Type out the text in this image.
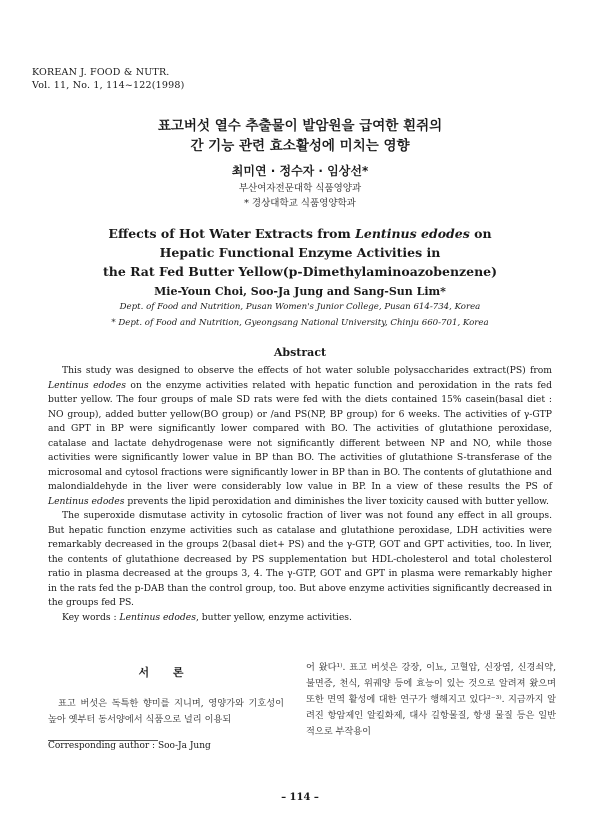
KOREAN J. FOOD & NUTR.
Vol. 11, No. 1, 114~122(1998)
표고버섯 열수 추출물이 발암원을 급여한 흰쥐의
간 기능 관련 효소활성에 미치는 영향
최미연 · 정수자 · 임상선*
부산여자전문대학 식품영양과
* 경상대학교 식품영양학과
Effects of Hot Water Extracts from Lentinus edodes on
Hepatic Functional Enzyme Activities in
the Rat Fed Butter Yellow(p-Dimethylaminoazobenzene)
Mie-Youn Choi, Soo-Ja Jung and Sang-Sun Lim*
Dept. of Food and Nutrition, Pusan Women's Junior College, Pusan 614-734, Korea
* Dept. of Food and Nutrition, Gyeongsang National University, Chinju 660-701, Korea
Abstract

This study was designed to observe the effects of hot water soluble polysaccharides extract(PS) from Lentinus edodes on the enzyme activities related with hepatic function and peroxidation in the rats fed butter yellow. The four groups of male SD rats were fed with the diets contained 15% casein(basal diet : NO group), added butter yellow(BO group) or /and PS(NP, BP group) for 6 weeks. The activities of γ-GTP and GPT in BP were significantly lower compared with BO. The activities of glutathione peroxidase, catalase and lactate dehydrogenase were not significantly different between NP and NO, while those activities were significantly lower value in BP than BO. The activities of glutathione S-transferase of the microsomal and cytosol fractions were significantly lower in BP than in BO. The contents of glutathione and malondialdehyde in the liver were considerably low value in BP. In a view of these results the PS of Lentinus edodes prevents the lipid peroxidation and diminishes the liver toxicity caused with butter yellow.

The superoxide dismutase activity in cytosolic fraction of liver was not found any effect in all groups. But hepatic function enzyme activities such as catalase and glutathione peroxidase, LDH activities were remarkably decreased in the groups 2(basal diet+ PS) and the γ-GTP, GOT and GPT activities, too. In liver, the contents of glutathione decreased by PS supplementation but HDL-cholesterol and total cholesterol ratio in plasma decreased at the groups 3, 4. The γ-GTP, GOT and GPT in plasma were remarkably higher in the rats fed the p-DAB than the control group, too. But above enzyme activities significantly decreased in the groups fed PS.

Key words : Lentinus edodes, butter yellow, enzyme activities.

서 론
표고 버섯은 독특한 향미를 지니며, 영양가와 기호성이 높아 옛부터 동서양에서 식품으로 널리 이용되
Corresponding author : Soo-Ja Jung
어 왔다¹⁾. 표고 버섯은 강장, 이뇨, 고혈압, 신장염, 신경쇠약, 불면증, 천식, 위궤양 등에 효능이 있는 것으로 알려져 왔으며 또한 면역 활성에 대한 연구가 행해지고 있다²⁻³⁾. 지금까지 알려진 항암제인 알킬화제, 대사 길항물질, 항생 물질 등은 일반적으로 부작용이
– 114 –
